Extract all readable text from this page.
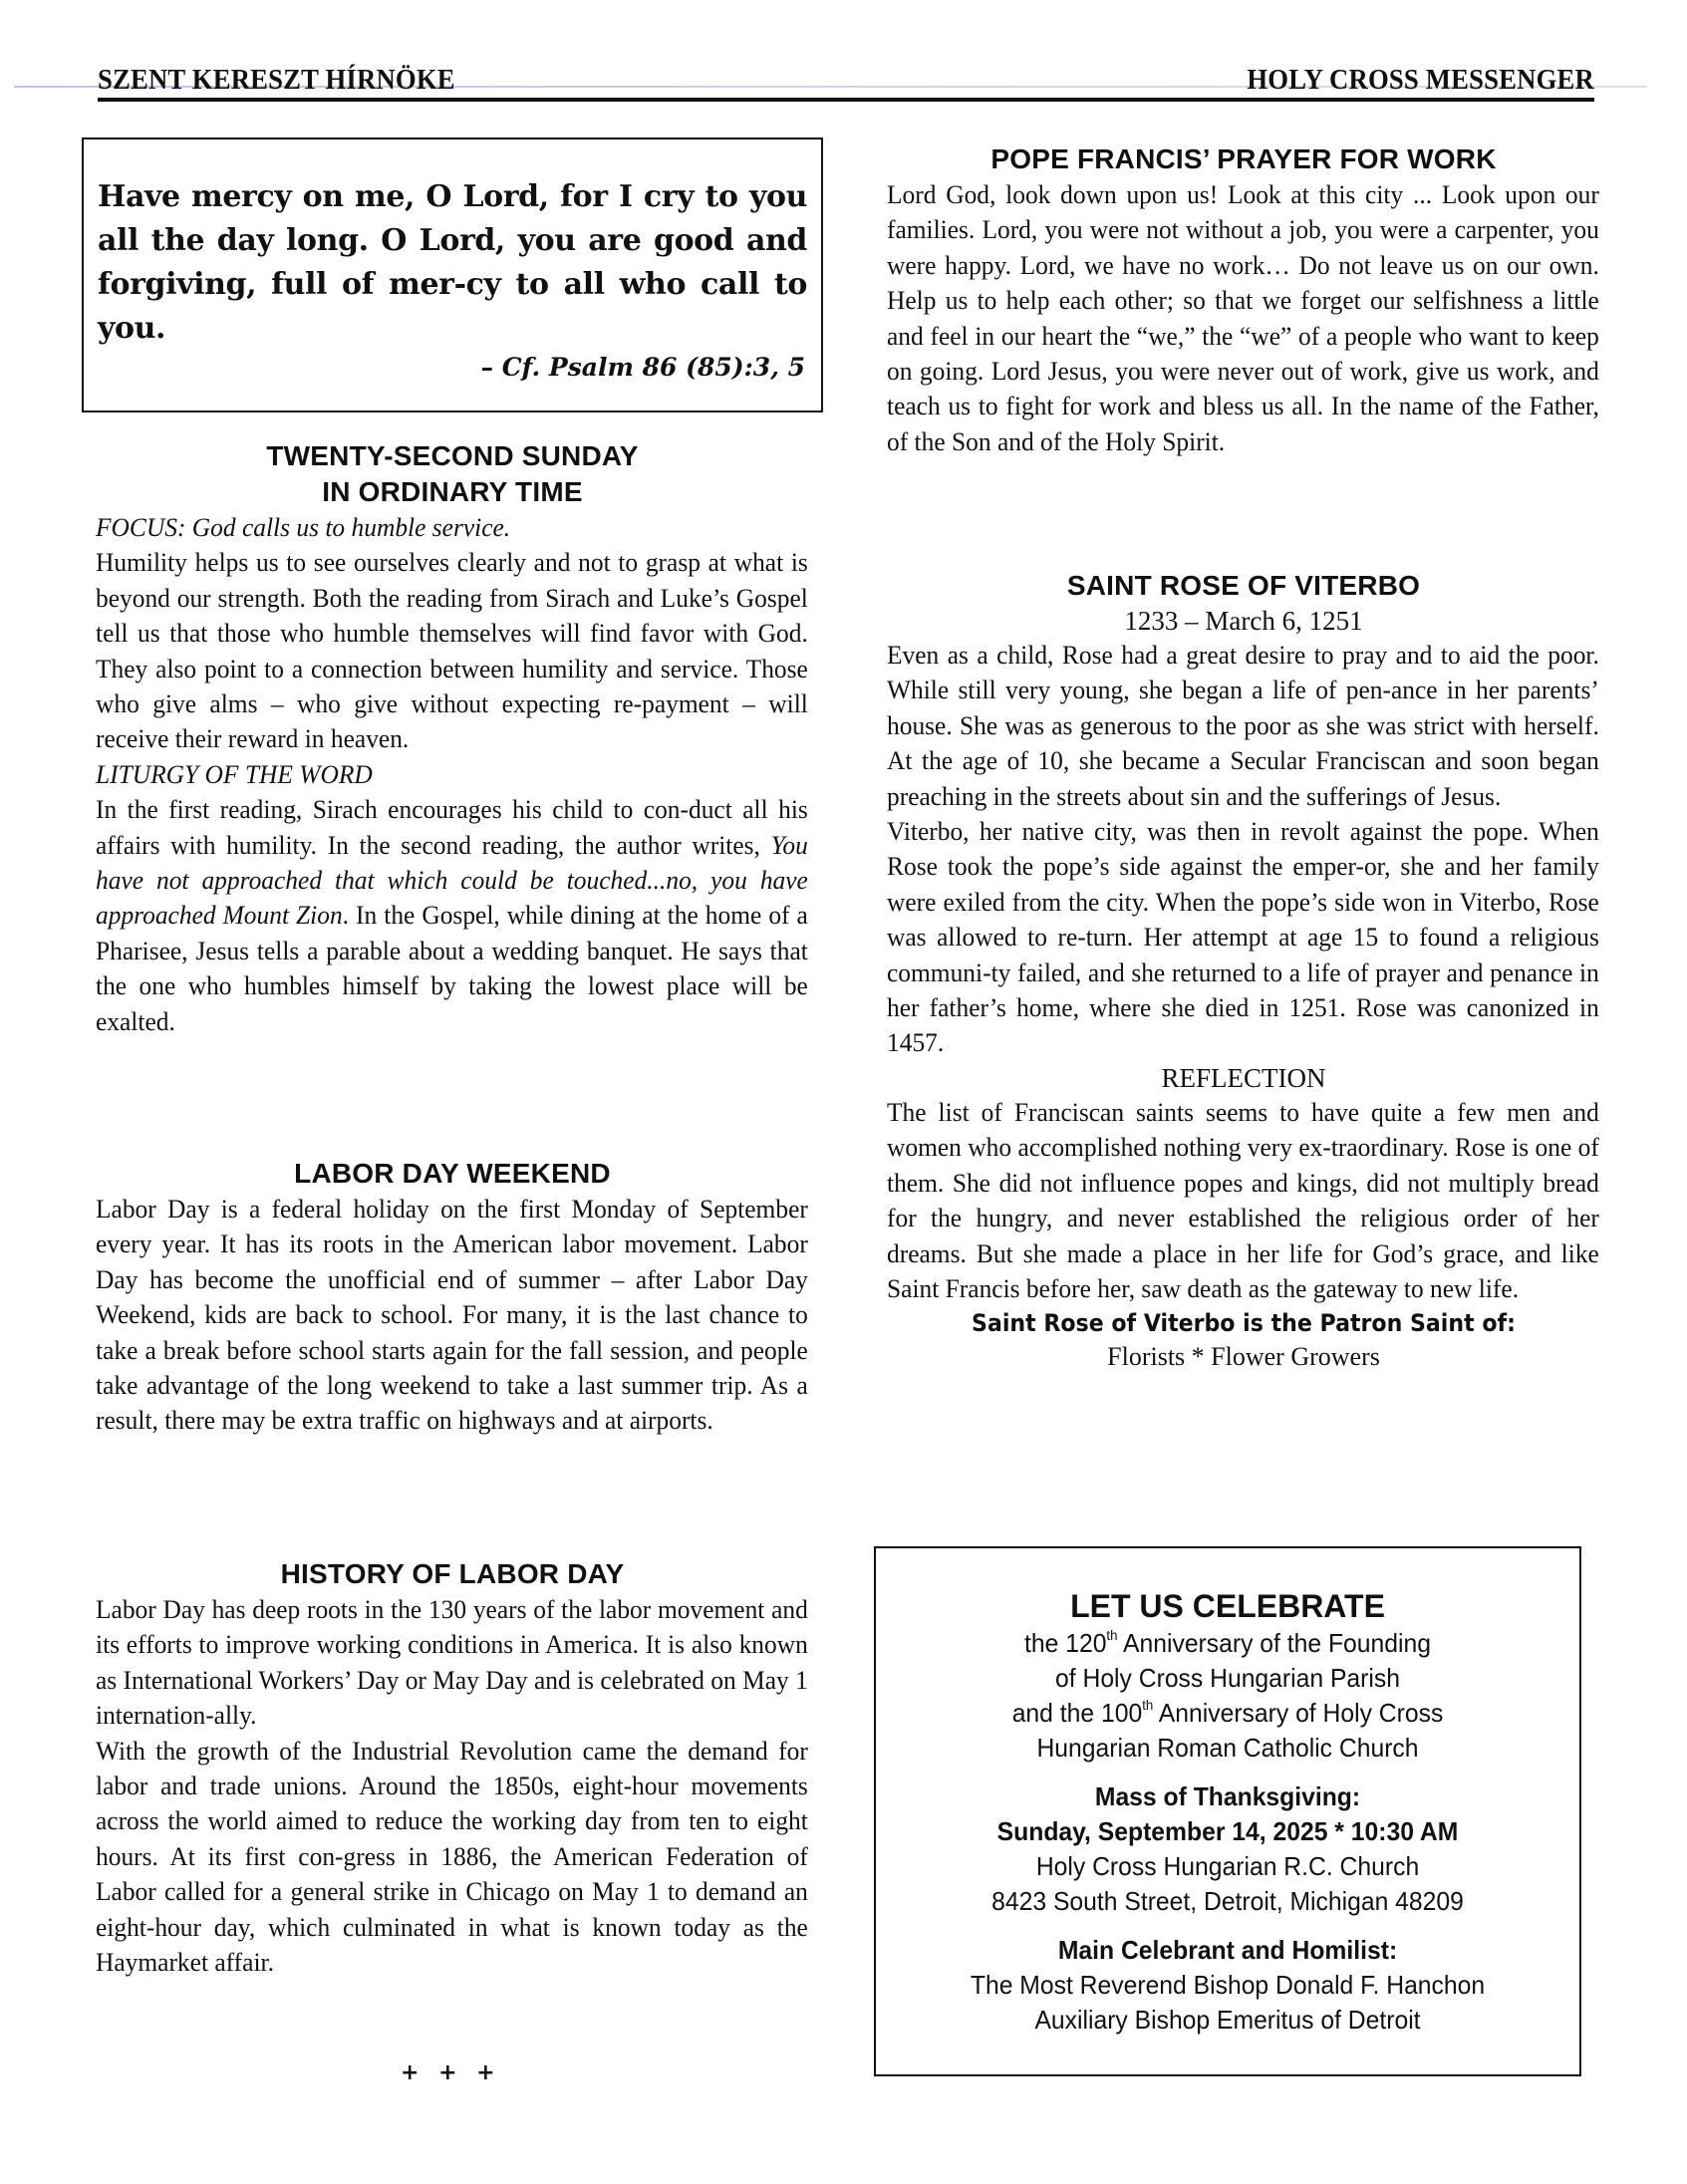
SZENT KERESZT HÍRNÖKE	HOLY CROSS MESSENGER
Have mercy on me, O Lord, for I cry to you all the day long. O Lord, you are good and forgiving, full of mer-cy to all who call to you.
– Cf. Psalm 86 (85):3, 5
TWENTY-SECOND SUNDAY
IN ORDINARY TIME

FOCUS: God calls us to humble service.

Humility helps us to see ourselves clearly and not to grasp at what is beyond our strength. Both the reading from Sirach and Luke’s Gospel tell us that those who humble themselves will find favor with God. They also point to a connection between humility and service. Those who give alms – who give without expecting re-payment – will receive their reward in heaven.

LITURGY OF THE WORD

In the first reading, Sirach encourages his child to con-duct all his affairs with humility. In the second reading, the author writes, You have not approached that which could be touched...no, you have approached Mount Zion. In the Gospel, while dining at the home of a Pharisee, Jesus tells a parable about a wedding banquet. He says that the one who humbles himself by taking the lowest place will be exalted.

LABOR DAY WEEKEND

Labor Day is a federal holiday on the first Monday of September every year. It has its roots in the American labor movement. Labor Day has become the unofficial end of summer – after Labor Day Weekend, kids are back to school. For many, it is the last chance to take a break before school starts again for the fall session, and people take advantage of the long weekend to take a last summer trip. As a result, there may be extra traffic on highways and at airports.

HISTORY OF LABOR DAY

Labor Day has deep roots in the 130 years of the labor movement and its efforts to improve working conditions in America. It is also known as International Workers’ Day or May Day and is celebrated on May 1 internation-ally.

With the growth of the Industrial Revolution came the demand for labor and trade unions. Around the 1850s, eight-hour movements across the world aimed to reduce the working day from ten to eight hours. At its first con-gress in 1886, the American Federation of Labor called for a general strike in Chicago on May 1 to demand an eight-hour day, which culminated in what is known today as the Haymarket affair.

+ + +
POPE FRANCIS’ PRAYER FOR WORK

Lord God, look down upon us! Look at this city ... Look upon our families. Lord, you were not without a job, you were a carpenter, you were happy. Lord, we have no work… Do not leave us on our own. Help us to help each other; so that we forget our selfishness a little and feel in our heart the “we,” the “we” of a people who want to keep on going. Lord Jesus, you were never out of work, give us work, and teach us to fight for work and bless us all. In the name of the Father, of the Son and of the Holy Spirit.

SAINT ROSE OF VITERBO
1233 – March 6, 1251

Even as a child, Rose had a great desire to pray and to aid the poor. While still very young, she began a life of pen-ance in her parents’ house. She was as generous to the poor as she was strict with herself. At the age of 10, she became a Secular Franciscan and soon began preaching in the streets about sin and the sufferings of Jesus.

Viterbo, her native city, was then in revolt against the pope. When Rose took the pope’s side against the emper-or, she and her family were exiled from the city. When the pope’s side won in Viterbo, Rose was allowed to re-turn. Her attempt at age 15 to found a religious communi-ty failed, and she returned to a life of prayer and penance in her father’s home, where she died in 1251. Rose was canonized in 1457.

REFLECTION

The list of Franciscan saints seems to have quite a few men and women who accomplished nothing very ex-traordinary. Rose is one of them. She did not influence popes and kings, did not multiply bread for the hungry, and never established the religious order of her dreams. But she made a place in her life for God’s grace, and like Saint Francis before her, saw death as the gateway to new life.

Saint Rose of Viterbo is the Patron Saint of:
Florists * Flower Growers
LET US CELEBRATE
the 120th Anniversary of the Founding
of Holy Cross Hungarian Parish
and the 100th Anniversary of Holy Cross
Hungarian Roman Catholic Church
Mass of Thanksgiving:
Sunday, September 14, 2025 * 10:30 AM
Holy Cross Hungarian R.C. Church
8423 South Street, Detroit, Michigan 48209
Main Celebrant and Homilist:
The Most Reverend Bishop Donald F. Hanchon
Auxiliary Bishop Emeritus of Detroit
